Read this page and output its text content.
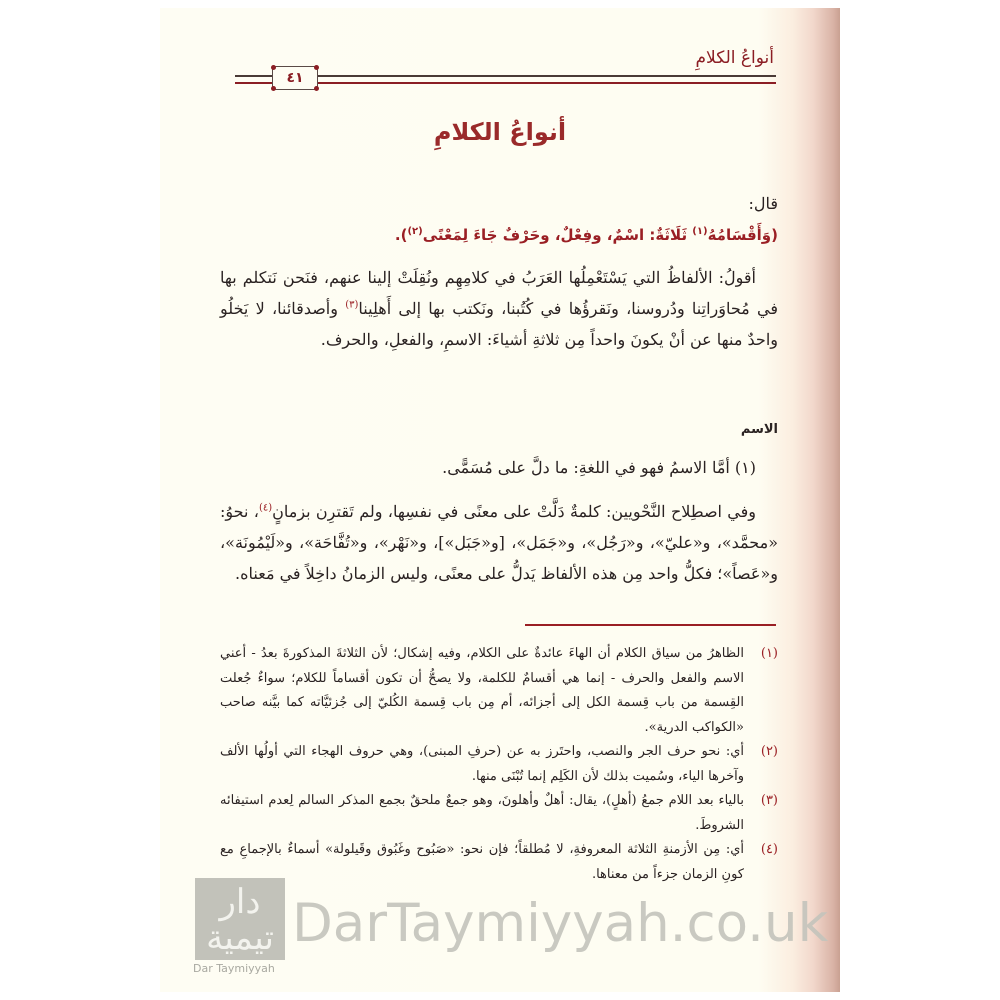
أنواعُ الكلامِ
٤١
أنواعُ الكلامِ
قال:
(وَأَقْسَامُهُ$^{(١)}$ ثَلَاثَةٌ: اسْمٌ، وفِعْلٌ، وحَرْفٌ جَاءَ لِمَعْنًى$^{(٢)}$).
أقولُ: الألفاظُ التي يَسْتَعْمِلُها العَرَبُ في كلامِهِم ونُقِلَتْ إلينا عنهم، فنَحن نَتكلم بها في مُحاوَراتِنا ودُروسنا، ونَقرؤُها في كُتُبنا، ونَكتب بها إلى أَهلِينا$^{(٣)}$ وأصدقائنا، لا يَخلُو واحدٌ منها عن أنْ يكونَ واحداً مِن ثلاثةِ أشياءَ: الاسمِ، والفعلِ، والحرف.
الاسم
(١) أمَّا الاسمُ فهو في اللغةِ: ما دلَّ على مُسَمًّى.
وفي اصطِلاح النَّحْويين: كلمةٌ دَلَّتْ على معنًى في نفسِها، ولم تَقترِن بزمانٍ$^{(٤)}$، نحوُ: «محمَّد»، و«عليّ»، و«رَجُل»، و«جَمَل»، [و«جَبَل»]، و«نَهْر»، و«تُفَّاحَة»، و«لَيْمُونَة»، و«عَصاً»؛ فكلُّ واحد مِن هذه الألفاظ يَدلُّ على معنًى، وليس الزمانُ داخِلاً في مَعناه.
(١)
الظاهرُ من سياق الكلام أن الهاءَ عائدةٌ على الكلام، وفيه إشكال؛ لأن الثلاثةَ المذكورةَ بعدُ - أعني الاسم والفعل والحرف - إنما هي أقسامٌ للكلمة، ولا يصحُّ أن تكون أقساماً للكلام؛ سواءٌ جُعلت القِسمة من باب قِسمة الكل إلى أجزائه، أم مِن باب قِسمة الكُليّ إلى جُزئيَّاته كما بيَّنه صاحب «الكواكب الدرية».
(٢)
أي: نحو حرف الجر والنصب، واحتَرز به عن (حرفِ المبنى)، وهي حروف الهجاء التي أولُها الألف وآخرها الياء، وسُميت بذلك لأن الكَلِم إنما تُبْنَى منها.
(٣)
بالياء بعد اللام جمعُ (أهلٍ)، يقال: أهلٌ وأهلونَ، وهو جمعٌ ملحقٌ بجمع المذكر السالم لِعدم استيفائه الشروطَ.
(٤)
أي: مِن الأزمنةِ الثلاثة المعروفةِ، لا مُطلقاً؛ فإن نحو: «صَبُوح وغَبُوق وقَيلولة» أسماءٌ بالإجماعِ مع كونِ الزمان جزءاً من معناها.
دار تيمية
Dar Taymiyyah
DarTaymiyyah.co.uk
